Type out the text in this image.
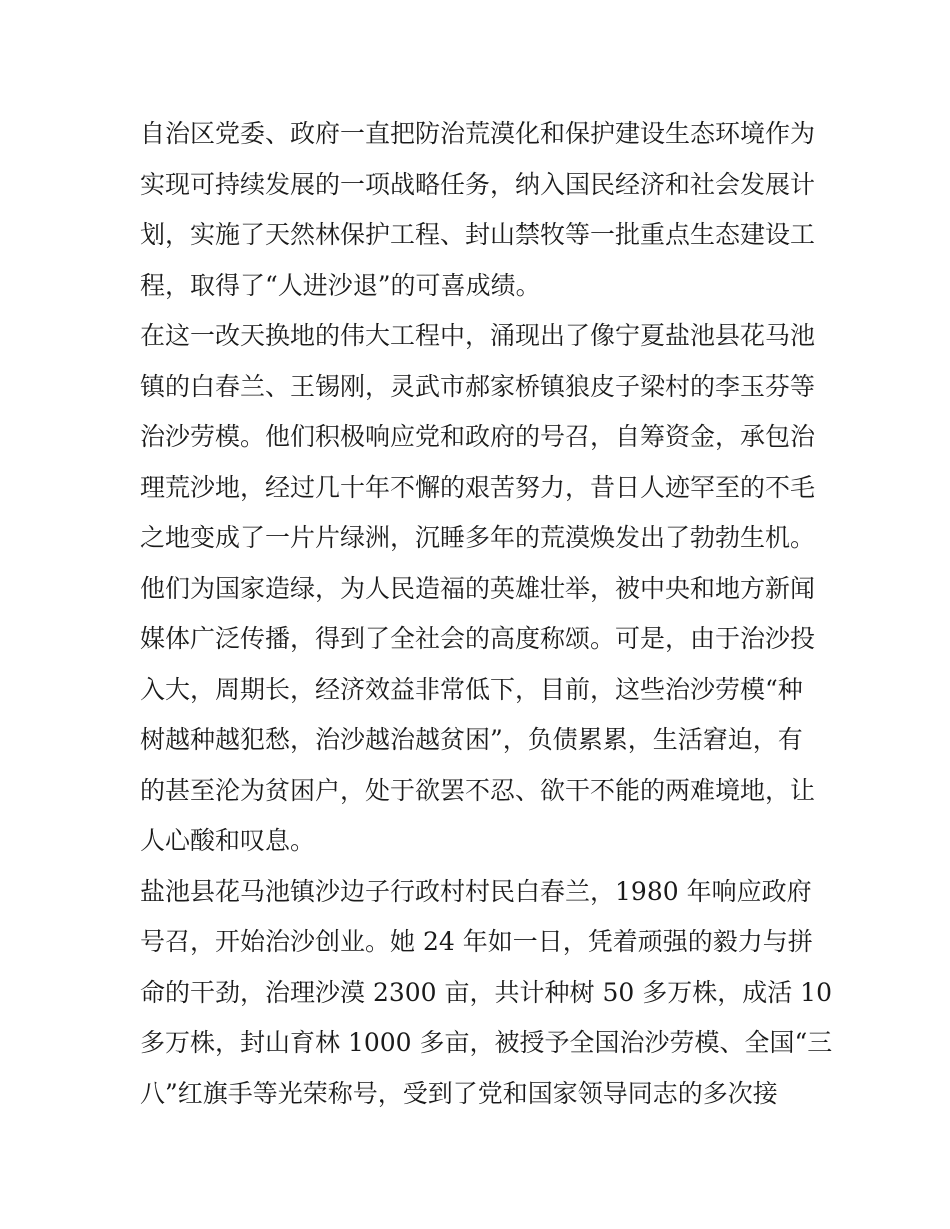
自治区党委、政府一直把防治荒漠化和保护建设生态环境作为
实现可持续发展的一项战略任务，纳入国民经济和社会发展计
划，实施了天然林保护工程、封山禁牧等一批重点生态建设工
程，取得了“人进沙退”的可喜成绩。
在这一改天换地的伟大工程中，涌现出了像宁夏盐池县花马池
镇的白春兰、王锡刚，灵武市郝家桥镇狼皮子梁村的李玉芬等
治沙劳模。他们积极响应党和政府的号召，自筹资金，承包治
理荒沙地，经过几十年不懈的艰苦努力，昔日人迹罕至的不毛
之地变成了一片片绿洲，沉睡多年的荒漠焕发出了勃勃生机。
他们为国家造绿，为人民造福的英雄壮举，被中央和地方新闻
媒体广泛传播，得到了全社会的高度称颂。可是，由于治沙投
入大，周期长，经济效益非常低下，目前，这些治沙劳模“种
树越种越犯愁，治沙越治越贫困”，负债累累，生活窘迫，有
的甚至沦为贫困户，处于欲罢不忍、欲干不能的两难境地，让
人心酸和叹息。
盐池县花马池镇沙边子行政村村民白春兰，1980 年响应政府
号召，开始治沙创业。她 24 年如一日，凭着顽强的毅力与拼
命的干劲，治理沙漠 2300 亩，共计种树 50 多万株，成活 10
多万株，封山育林 1000 多亩，被授予全国治沙劳模、全国“三
八”红旗手等光荣称号，受到了党和国家领导同志的多次接
